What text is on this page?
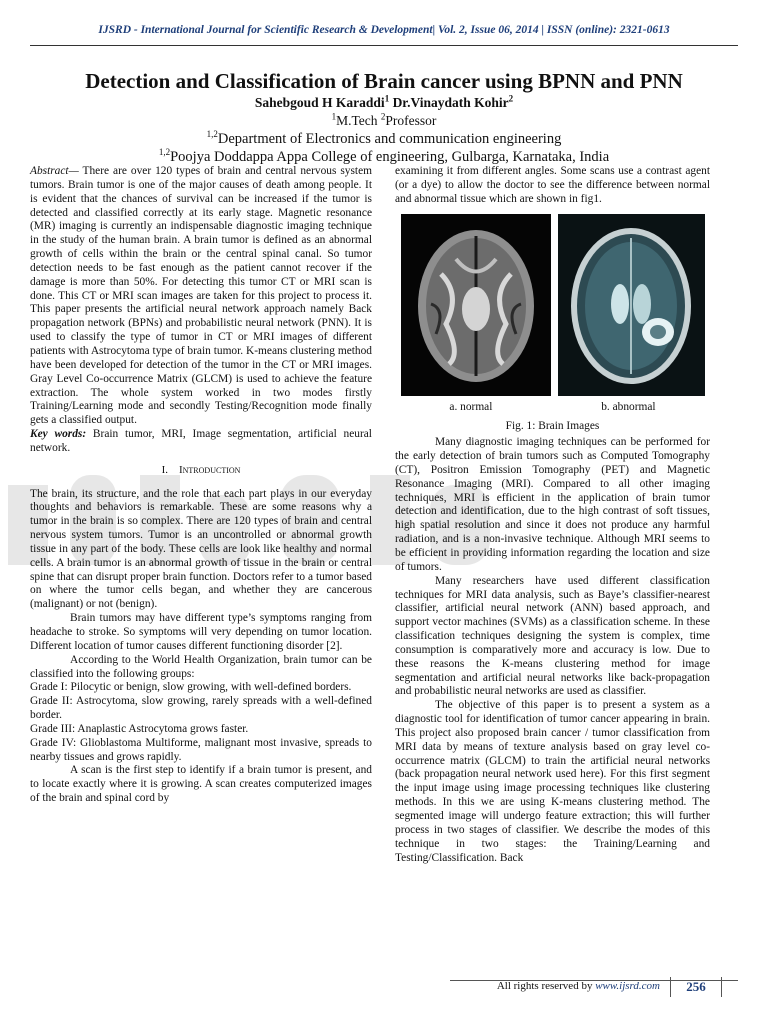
IJSRD - International Journal for Scientific Research & Development| Vol. 2, Issue 06, 2014 | ISSN (online): 2321-0613
Detection and Classification of Brain cancer using BPNN and PNN
Sahebgoud H Karaddi$^1$ Dr.Vinaydath Kohir$^2$
$^1$M.Tech $^2$Professor
$^{1,2}$Department of Electronics and communication engineering
$^{1,2}$Poojya Doddappa Appa College of engineering, Gulbarga, Karnataka, India

Abstract— There are over 120 types of brain and central nervous system tumors. Brain tumor is one of the major causes of death among people. It is evident that the chances of survival can be increased if the tumor is detected and classified correctly at its early stage. Magnetic resonance (MR) imaging is currently an indispensable diagnostic imaging technique in the study of the human brain. A brain tumor is defined as an abnormal growth of cells within the brain or the central spinal canal. So tumor detection needs to be fast enough as the patient cannot recover if the damage is more than 50%. For detecting this tumor CT or MRI scan is done. This CT or MRI scan images are taken for this project to process it. This paper presents the artificial neural network approach namely Back propagation network (BPNs) and probabilistic neural network (PNN). It is used to classify the type of tumor in CT or MRI images of different patients with Astrocytoma type of brain tumor. K-means clustering method have been developed for detection of the tumor in the CT or MRI images. Gray Level Co-occurrence Matrix (GLCM) is used to achieve the feature extraction. The whole system worked in two modes firstly Training/Learning mode and secondly Testing/Recognition mode finally gets a classified output.

Key words: Brain tumor, MRI, Image segmentation, artificial neural network.

I. Introduction

The brain, its structure, and the role that each part plays in our everyday thoughts and behaviors is remarkable. These are some reasons why a tumor in the brain is so complex. There are 120 types of brain and central nervous system tumors. Tumor is an uncontrolled or abnormal growth tissue in any part of the body. These cells are look like healthy and normal cells. A brain tumor is an abnormal growth of tissue in the brain or central spine that can disrupt proper brain function. Doctors refer to a tumor based on where the tumor cells began, and whether they are cancerous (malignant) or not (benign).

Brain tumors may have different type’s symptoms ranging from headache to stroke. So symptoms will very depending on tumor location. Different location of tumor causes different functioning disorder [2].

According to the World Health Organization, brain tumor can be classified into the following groups:

Grade I: Pilocytic or benign, slow growing, with well-defined borders.

Grade II: Astrocytoma, slow growing, rarely spreads with a well-defined border.

Grade III: Anaplastic Astrocytoma grows faster.

Grade IV: Glioblastoma Multiforme, malignant most invasive, spreads to nearby tissues and grows rapidly.

A scan is the first step to identify if a brain tumor is present, and to locate exactly where it is growing. A scan creates computerized images of the brain and spinal cord by

examining it from different angles. Some scans use a contrast agent (or a dye) to allow the doctor to see the difference between normal and abnormal tissue which are shown in fig1.

a. normal	b. abnormal

Fig. 1: Brain Images

Many diagnostic imaging techniques can be performed for the early detection of brain tumors such as Computed Tomography (CT), Positron Emission Tomography (PET) and Magnetic Resonance Imaging (MRI). Compared to all other imaging techniques, MRI is efficient in the application of brain tumor detection and identification, due to the high contrast of soft tissues, high spatial resolution and since it does not produce any harmful radiation, and is a non-invasive technique. Although MRI seems to be efficient in providing information regarding the location and size of tumors.

Many researchers have used different classification techniques for MRI data analysis, such as Baye’s classifier-nearest classifier, artificial neural network (ANN) based approach, and support vector machines (SVMs) as a classification scheme. In these classification techniques designing the system is complex, time consumption is comparatively more and accuracy is low. Due to these reasons the K-means clustering method for image segmentation and artificial neural networks like back-propagation and probabilistic neural networks are used as classifier.

The objective of this paper is to present a system as a diagnostic tool for identification of tumor cancer appearing in brain. This project also proposed brain cancer / tumor classification from MRI data by means of texture analysis based on gray level co-occurrence matrix (GLCM) to train the artificial neural networks (back propagation neural network used here). For this first segment the input image using image processing techniques like clustering methods. In this we are using K-means clustering method. The segmented image will undergo feature extraction; this will further process in two stages of classifier. We describe the modes of this technique in two stages: the Training/Learning and Testing/Classification. Back

All rights reserved by www.ijsrd.com	256
